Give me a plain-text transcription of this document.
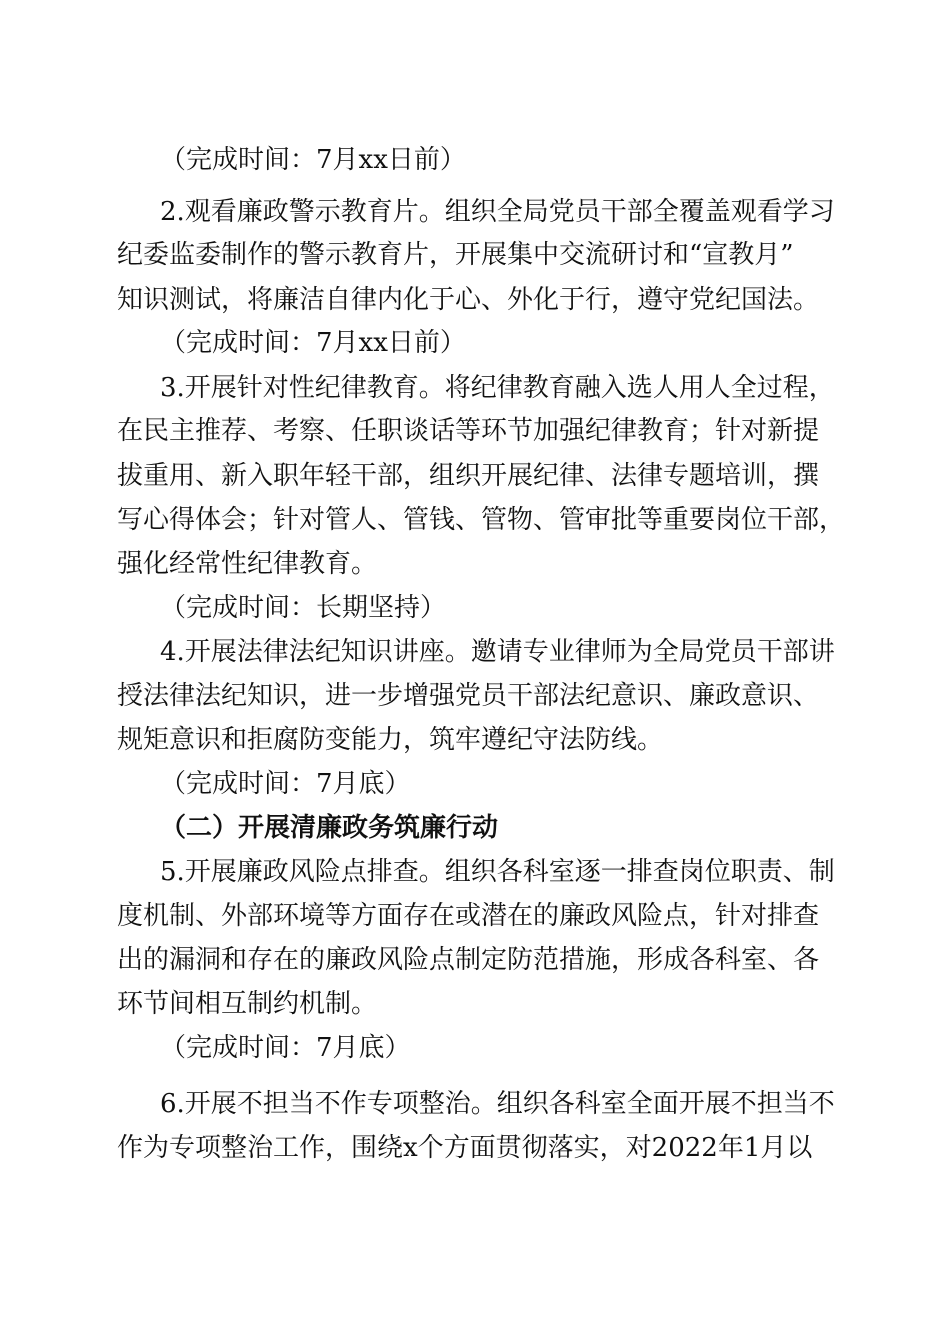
（完成时间：7月xx日前）
2.观看廉政警示教育片。组织全局党员干部全覆盖观看学习
纪委监委制作的警示教育片，开展集中交流研讨和“宣教月”
知识测试，将廉洁自律内化于心、外化于行，遵守党纪国法。
（完成时间：7月xx日前）
3.开展针对性纪律教育。将纪律教育融入选人用人全过程，
在民主推荐、考察、任职谈话等环节加强纪律教育；针对新提
拔重用、新入职年轻干部，组织开展纪律、法律专题培训，撰
写心得体会；针对管人、管钱、管物、管审批等重要岗位干部，
强化经常性纪律教育。
（完成时间：长期坚持）
4.开展法律法纪知识讲座。邀请专业律师为全局党员干部讲
授法律法纪知识，进一步增强党员干部法纪意识、廉政意识、
规矩意识和拒腐防变能力，筑牢遵纪守法防线。
（完成时间：7月底）
（二）开展清廉政务筑廉行动
5.开展廉政风险点排查。组织各科室逐一排查岗位职责、制
度机制、外部环境等方面存在或潜在的廉政风险点，针对排查
出的漏洞和存在的廉政风险点制定防范措施，形成各科室、各
环节间相互制约机制。
（完成时间：7月底）
6.开展不担当不作专项整治。组织各科室全面开展不担当不
作为专项整治工作，围绕x个方面贯彻落实，对2022年1月以
